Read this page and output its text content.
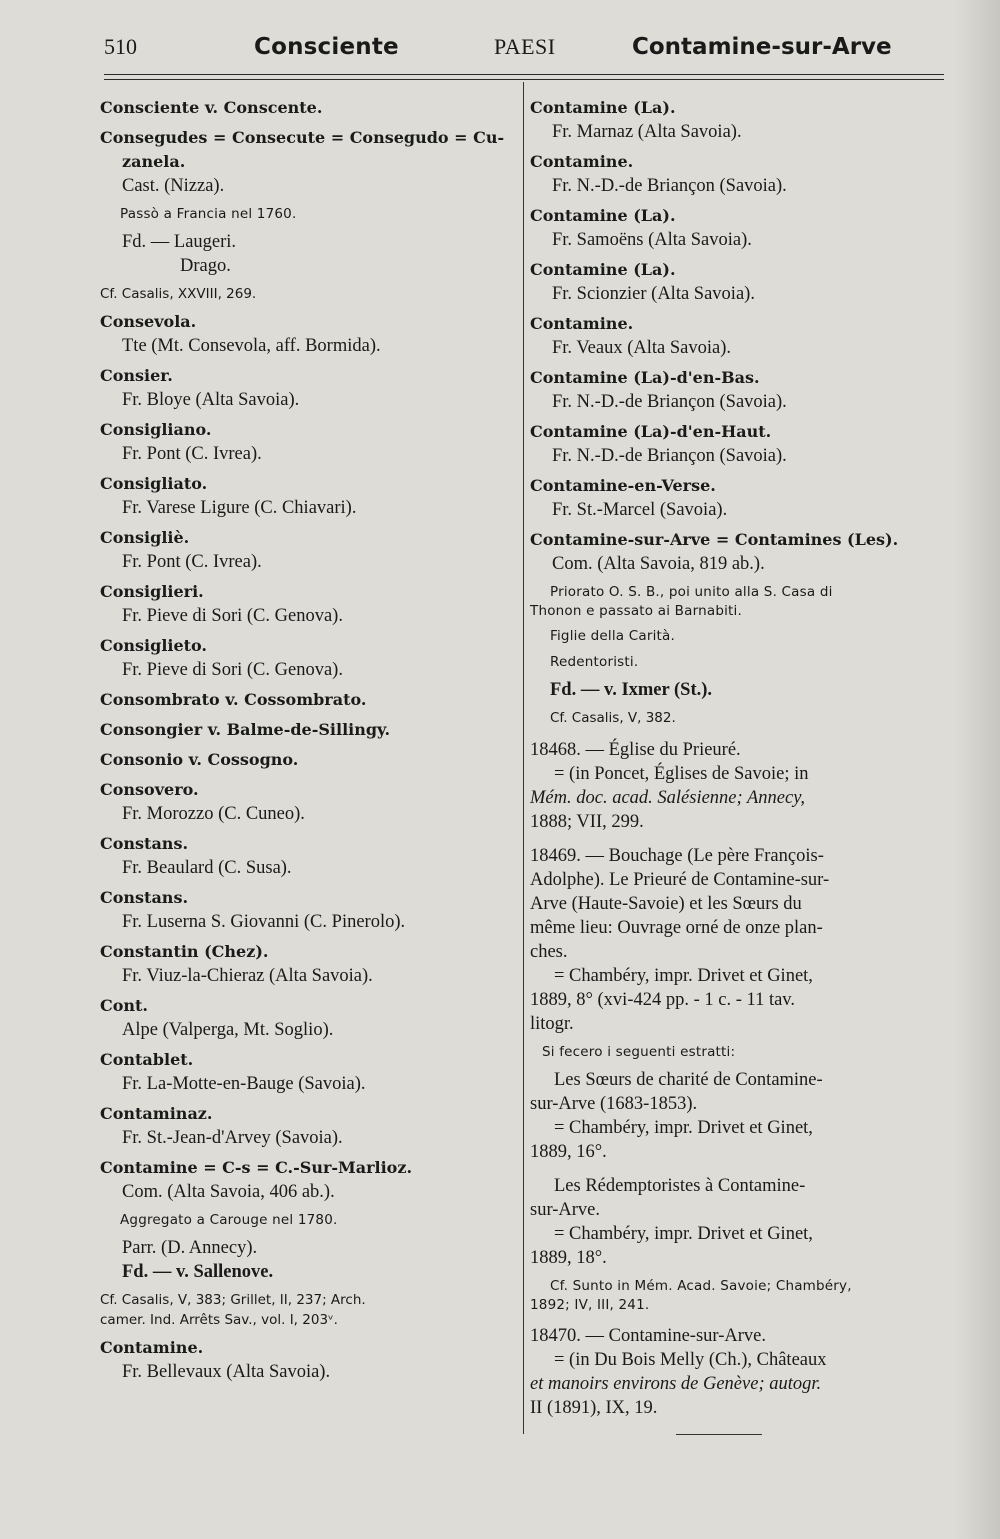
510	Consciente	PAESI	Contamine-sur-Arve
Consciente v. Conscente.
Consegudes = Consecute = Consegudo = Cu-
zanela.
Cast. (Nizza).
Passò a Francia nel 1760.
Fd. — Laugeri.
Drago.
Cf. Casalis, XXVIII, 269.
Consevola.
Tte (Mt. Consevola, aff. Bormida).
Consier.
Fr. Bloye (Alta Savoia).
Consigliano.
Fr. Pont (C. Ivrea).
Consigliato.
Fr. Varese Ligure (C. Chiavari).
Consigliè.
Fr. Pont (C. Ivrea).
Consiglieri.
Fr. Pieve di Sori (C. Genova).
Consiglieto.
Fr. Pieve di Sori (C. Genova).
Consombrato v. Cossombrato.
Consongier v. Balme-de-Sillingy.
Consonio v. Cossogno.
Consovero.
Fr. Morozzo (C. Cuneo).
Constans.
Fr. Beaulard (C. Susa).
Constans.
Fr. Luserna S. Giovanni (C. Pinerolo).
Constantin (Chez).
Fr. Viuz-la-Chieraz (Alta Savoia).
Cont.
Alpe (Valperga, Mt. Soglio).
Contablet.
Fr. La-Motte-en-Bauge (Savoia).
Contaminaz.
Fr. St.-Jean-d'Arvey (Savoia).
Contamine = C-s = C.-Sur-Marlioz.
Com. (Alta Savoia, 406 ab.).
Aggregato a Carouge nel 1780.
Parr. (D. Annecy).
Fd. — v. Sallenove.
Cf. Casalis, V, 383; Grillet, II, 237; Arch.
camer. Ind. Arrêts Sav., vol. I, 203ᵛ.
Contamine.
Fr. Bellevaux (Alta Savoia).
Contamine (La).
Fr. Marnaz (Alta Savoia).
Contamine.
Fr. N.-D.-de Briançon (Savoia).
Contamine (La).
Fr. Samoëns (Alta Savoia).
Contamine (La).
Fr. Scionzier (Alta Savoia).
Contamine.
Fr. Veaux (Alta Savoia).
Contamine (La)-d'en-Bas.
Fr. N.-D.-de Briançon (Savoia).
Contamine (La)-d'en-Haut.
Fr. N.-D.-de Briançon (Savoia).
Contamine-en-Verse.
Fr. St.-Marcel (Savoia).
Contamine-sur-Arve = Contamines (Les).
Com. (Alta Savoia, 819 ab.).
Priorato O. S. B., poi unito alla S. Casa di
Thonon e passato ai Barnabiti.
Figlie della Carità.
Redentoristi.
Fd. — v. Ixmer (St.).
Cf. Casalis, V, 382.
18468. — Église du Prieuré.
= (in Poncet, Églises de Savoie; in
Mém. doc. acad. Salésienne; Annecy,
1888; VII, 299.
18469. — Bouchage (Le père François-
Adolphe). Le Prieuré de Contamine-sur-
Arve (Haute-Savoie) et les Sœurs du
même lieu: Ouvrage orné de onze plan-
ches.
= Chambéry, impr. Drivet et Ginet,
1889, 8° (xvi-424 pp. - 1 c. - 11 tav.
litogr.
Si fecero i seguenti estratti:
Les Sœurs de charité de Contamine-
sur-Arve (1683-1853).
= Chambéry, impr. Drivet et Ginet,
1889, 16°.
Les Rédemptoristes à Contamine-
sur-Arve.
= Chambéry, impr. Drivet et Ginet,
1889, 18°.
Cf. Sunto in Mém. Acad. Savoie; Chambéry,
1892; IV, III, 241.
18470. — Contamine-sur-Arve.
= (in Du Bois Melly (Ch.), Châteaux
et manoirs environs de Genève; autogr.
II (1891), IX, 19.
